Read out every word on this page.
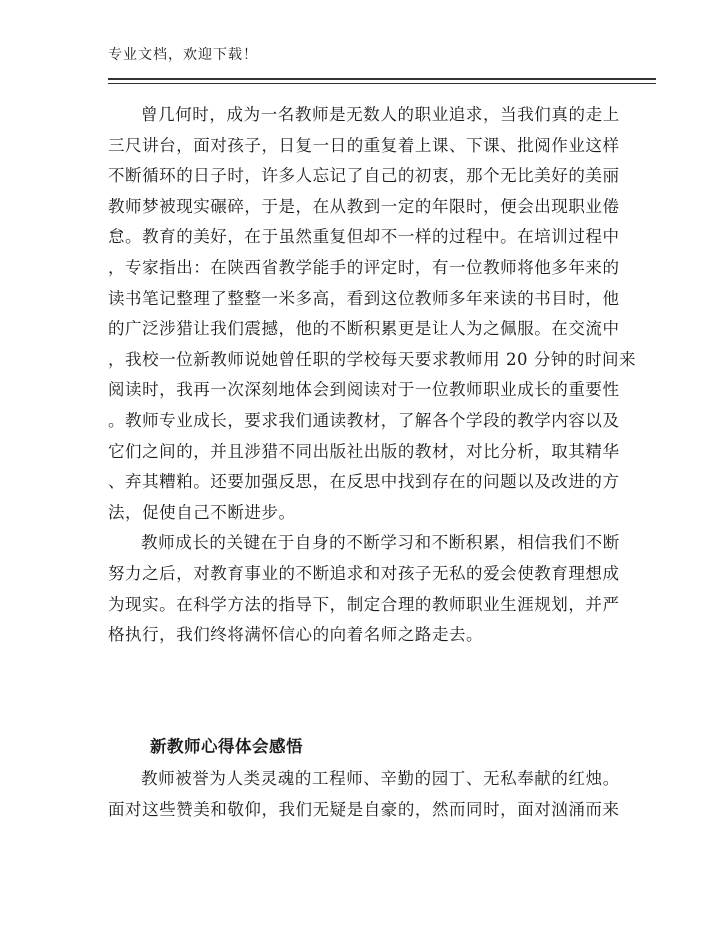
专业文档，欢迎下载！
曾几何时，成为一名教师是无数人的职业追求，当我们真的走上
三尺讲台，面对孩子，日复一日的重复着上课、下课、批阅作业这样
不断循环的日子时，许多人忘记了自己的初衷，那个无比美好的美丽
教师梦被现实碾碎，于是，在从教到一定的年限时，便会出现职业倦
怠。教育的美好，在于虽然重复但却不一样的过程中。在培训过程中
，专家指出：在陕西省教学能手的评定时，有一位教师将他多年来的
读书笔记整理了整整一米多高，看到这位教师多年来读的书目时，他
的广泛涉猎让我们震撼，他的不断积累更是让人为之佩服。在交流中
，我校一位新教师说她曾任职的学校每天要求教师用 20 分钟的时间来
阅读时，我再一次深刻地体会到阅读对于一位教师职业成长的重要性
。教师专业成长，要求我们通读教材，了解各个学段的教学内容以及
它们之间的，并且涉猎不同出版社出版的教材，对比分析，取其精华
、弃其糟粕。还要加强反思，在反思中找到存在的问题以及改进的方
法，促使自己不断进步。
教师成长的关键在于自身的不断学习和不断积累，相信我们不断
努力之后，对教育事业的不断追求和对孩子无私的爱会使教育理想成
为现实。在科学方法的指导下，制定合理的教师职业生涯规划，并严
格执行，我们终将满怀信心的向着名师之路走去。
新教师心得体会感悟
教师被誉为人类灵魂的工程师、辛勤的园丁、无私奉献的红烛。
面对这些赞美和敬仰，我们无疑是自豪的，然而同时，面对汹涌而来
